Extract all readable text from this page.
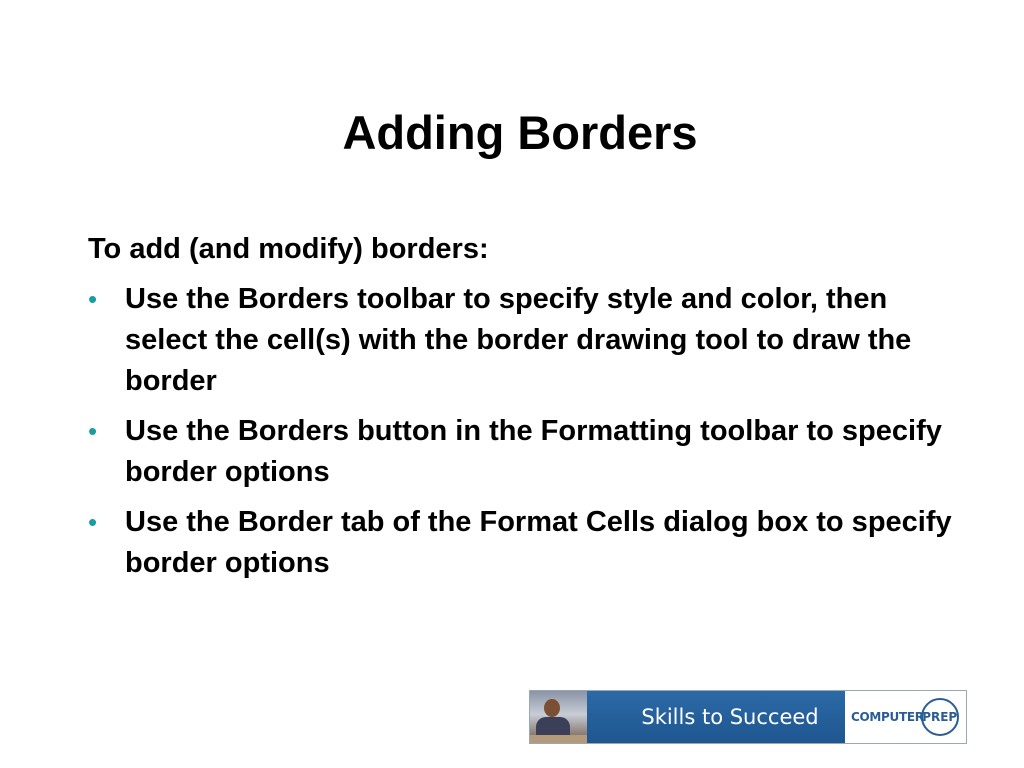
Adding Borders

To add (and modify) borders:

• Use the Borders toolbar to specify style and color, then select the cell(s) with the border drawing tool to draw the border
• Use the Borders button in the Formatting toolbar to specify border options
• Use the Border tab of the Format Cells dialog box to specify border options
Skills to Succeed	COMPUTER
PREP
